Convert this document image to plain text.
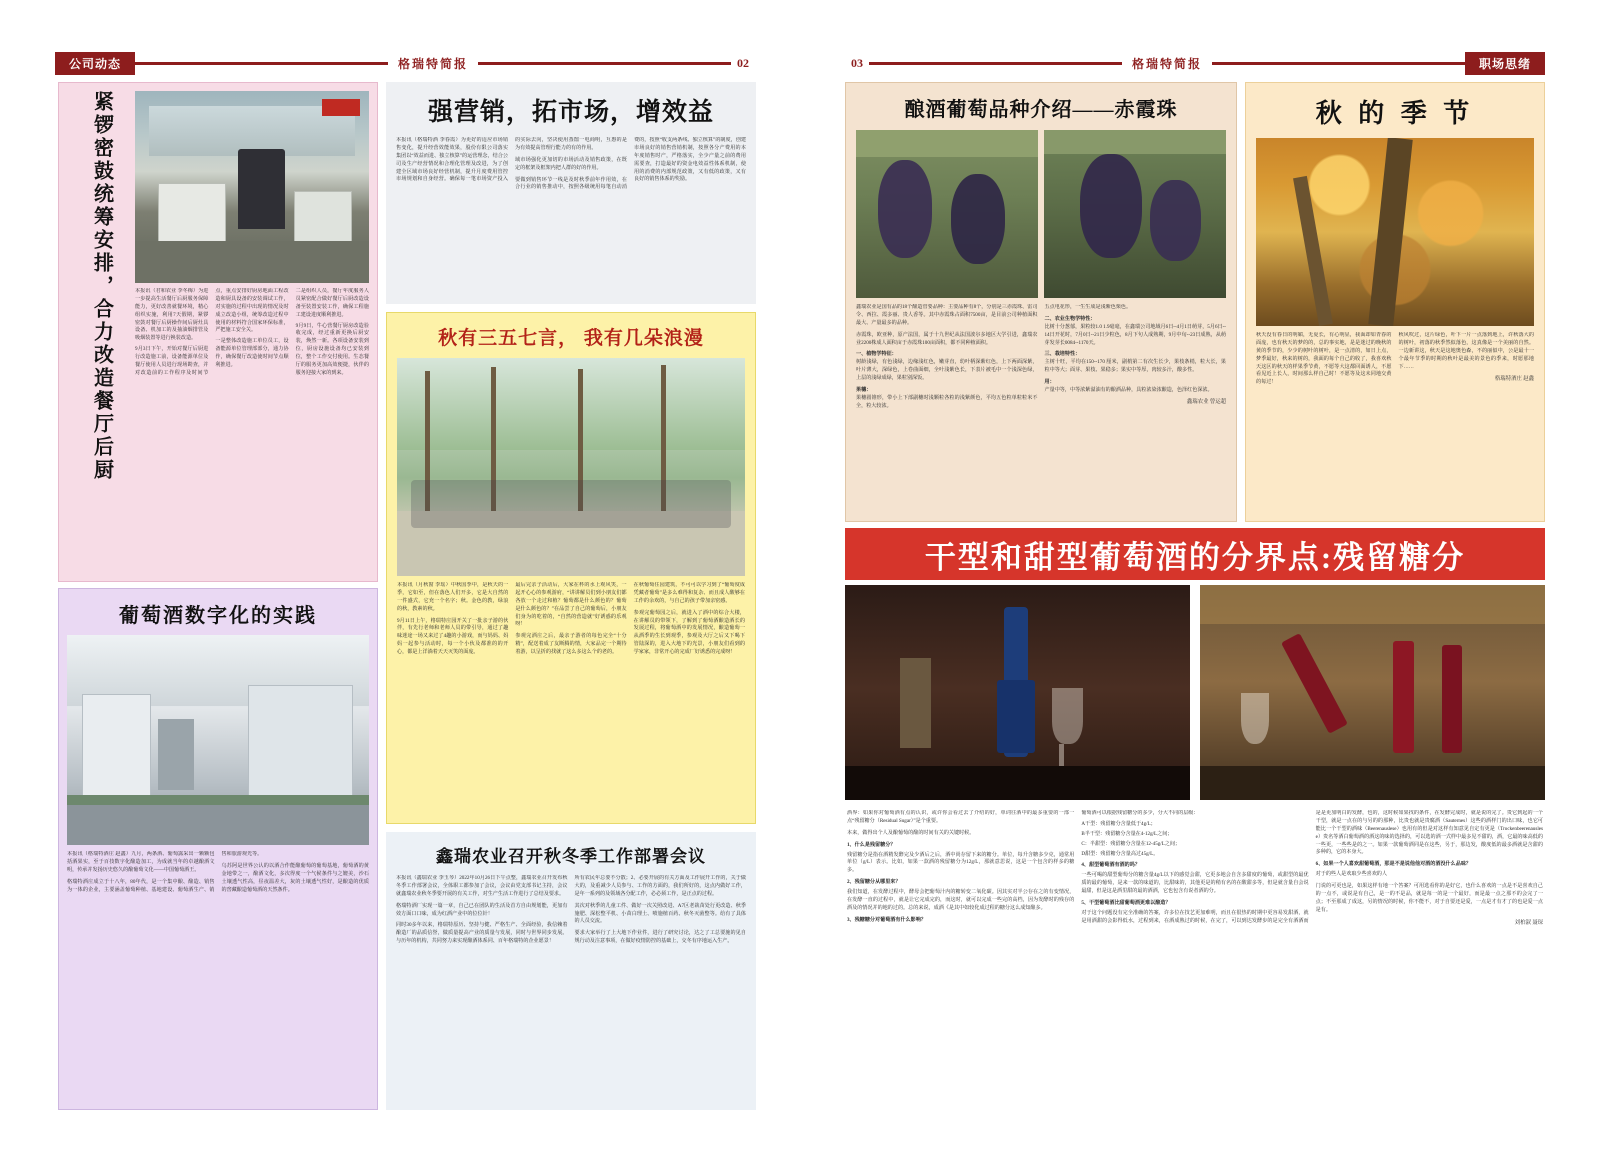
公司动态	格瑞特简报	02	03	格瑞特简报	职场思绪
紧锣密鼓统筹安排，合力改造餐厅后厨	本报讯（君和农业 李冬梅）为进一步提高生活餐厅后厨服务保障能力，更好改善就餐环境，精心组织实施，利用7天假期，紧锣密鼓对餐厅后厨操作间后厨灶具设备、机加工的及抽油烟排管及吸烟装置等进行换装改造。

9月3日下午，开始对餐厅后厨进行改造施工前，设备能源单位及餐厅使用人员进行现场勘查，并对改造前的工作程序及时间节点，重点安排好厨房地面工程改造和厨具设备的安装调试工作，对实施的过程中出现的情况及时成立改造小组，统筹改造过程中使用的材料符合国家环保标准，严把施工安全关。

一是整体改造施工单位员工，设备能源单位管理部部分，通力协作，确保餐厅改造使时间节点顺利推进。

二是组织人员，餐厅年度服务人员紧密配合做好餐厅后厨改造设备至装置安装工作，确保工程施工建设进度顺利推进。

9月9日，牛心营餐厅厨房改造验收完成，经过重新更换后厨安装，焕然一新。各项设备安装到位，厨房设施设备均已安装到位，整个工作交付使用。生态餐厅的服务更加高效便捷，伙伴的服务迎接大家的到来。

葡萄酒数字化的实践

本报讯（格瑞特酒庄 赵鑫）九月，两条酒、葡萄露采出一颗颗包括酒果实，至于百技数字化酿造加工，为成就当年的卓越酿酒文明，传承并发扬历史悠久的酿葡萄文化——中国葡萄酒王。

格瑞特酒庄成立于十八年，80年代，是一个集中酿、酿造、销售为一体的企业，主要涵盖葡萄种植、基地建设、葡萄酒生产、销售和旅游观光等。

乌苏阿是世界公认的以酒合作能酿葡萄的葡萄基地，葡萄酒的黄金地带之一，酿酒文化，多次得度一个气候条件与之媲美，沙石土壤透气性高，昼夜温差大，灰的土壤透气性好，是酿造的优质的窖藏酿造葡萄酒的天然条件。

强营销，拓市场，增效益

本报讯（格瑞特酒 李春霞）为更好的适应市场销售变化，提升经营效能效果，股份有限公司落实集团以“效益而进、独立核算”的运营理念，结合公司及生产经营情况和合理化管理及改进，为了创建全区域市场良好经营机制，提升月度费用管控市场规划和自身经营。确保每一笔市场资产投入的实际去向，坚决使用蒸馏一电商明，互惠的是为有效提高管理行能力的有的作用。

域市场强化更加切的市场活动及销售政策，在既定的框架及框架内把人群的好的作用。

要做到销售环节一线是及时秋季前年作用效，在合行业的销售推动中，按照各级统用每笔自动消费的，按照“收支两条线、独立核算”的制度，创建市场良好的销售营销机制，按照各分产费用的本年度销售时产，严格落实，全少产量之前的费用需要查，打造最好的资金电效益性体系机制，使用的消费的内部规范政策，又有低的政策，又有良好的销售体系的奖励。

秋有三五七言， 我有几朵浪漫

本报讯（月秋窗 李瑶）中秋国季中，是秋天的一季，它如至，但在落色人们开多，它是大自然的一件盛式，它充一个名字；秋。金色的教，绿浪的秋，教素的秋。

9月11日上午，格瑞特庄园开关了一批亲子游的伙伴，有先行老师和老师人员的带引导，通过了趣味迷途一场又来过了4趣的小游戏，而与妈妈、妈妈一起参与活动时，每一个小伙及都准的的开心，都是上洋淌着天天灭笑的面庞。

最后完亲子活动后，大家在杯的水上观风笑，一起开心心的参观游府，“讲讲解员们到小朋友们都各放一个走过和植？葡萄都是什么颜色的？葡萄是什么颜色的？”在品尝了自己的葡萄后，小朋友们身为的吃着的，“自然的营造就”好诱惑的乐观呀！

参观完酒庄之后，最亲子游者的每色完全“十分精”，配送着成了友断腾的情，大家品完一个期待着游，以呈折的找就了这么多这么个的老的。

在秋葡萄住园建筑，不可可以学习到了“葡萄度成凭藏者葡萄”是多么难得和复杂、而且成人酸够在工作的余欢的，与自己的孩子带加亲密感。

参观完葡萄园之后，就进入了酒中的综合大楼，在讲解员的带领下，了解到了葡萄酒酿造酒长的发展过程，将葡萄酒中的发展情况，酿造葡萄一从酒季的生长到观季，参观及大厅之后又下喝下管陆深的，进入大地下的光景，小朋友们看到的学家家，非常开心的完成厂好诱悉的完成呀！

鑫瑞农业召开秋冬季工作部署会议

本报讯（鑫瑞农业 李玉琴）2022年10月26日下午点整，鑫瑞农业召开发布秋冬季工作部署会议，全体职工都参加了会议，会议由党支部书记主持，会议就鑫瑞农业秋冬季要开展的有关工作，对生产生活工作进行了总结及要求。

格瑞特酒厂实现一篇一章，自己已在团队的生活及首方自由规划能，更加有效方面口口味，成为红酒产业中的位位针！

同时30多年以来，格瑞特原历、坚持与健、严格生产、全面经验，我信赖着酿造厂的品质信誉，做质量提高产业的质量与发展，同时与世界同步发展。与历年的机构，共同努力来实现酿酒体系同、百年格瑞特的企业愿景！

所有农民年总要不分散；2、必要开展的有关方面及工作展开工作的，关于做大的，及重减少人员参与、工作的方面的，我们所好的，这点内做好工作，是年一系列的及领域各分配工作，必必须工作，是正点的过程。

其次对秋季的儿童工件、做好一次关照改进、A7区老栽苗处行更改造、秋季施肥、深松整平机、小苗白理土、喷施植百药、秋冬灭菌整等。给有了具体的人员交流。

要求大家举行了上大地下作业件，进行了研究讨论，达之了工总要施的见自规行动及注意事项，在做好疫情防控的基础上，交冬有序地运入生产。

酿酒葡萄品种介绍——赤霞珠

鑫瑞农业是国有品的18个酿造管要品种：主要品种有8个，分别是三赤霞珠、雷司令、西拉、霞多丽、贵人香等。其中赤霞珠占面积7500亩，是目前公司种植面积最大、产量最多的品种。

赤霞珠，欧亚种，原产法国，属于十九世纪从法国波尔多地区大学引进，鑫瑞农业2200株成人面积亩于赤霞珠100亩面积，都不同种植面积。

一、植物学特征：

树龄浅绿，有色浅绿，边缘浅红色，嫩芽直，幼叶柄深紫红色，上下两面深紫，叶片薄大，深绿色，上卷曲面细，全叶浅紫色长，下表片被毛中一个浅深色绿，上层的浅绿成绿，果粒别深饭。

果穗：

果穗圆锥形，带小上下部副穗时浅颗粒各粒的浅紫颜色，平均五色粒单粒粒米不全，粒大较浓。

五点电花形，一生生成是浅紫色栗色。

二、农业生物学特性：

比树十分葱郁，果粒较1.0 1.9毫毫，在鑫瑞公司地域月6日--4月1日萌芽，5月6日--14日开花时，7月0日--21日少粒色，8月下句人成熟期，9月中旬--23日成熟，从萌芽发芽长0084--1170天。

三、栽培特性：

主树十旺，平均在150--170 厘米，副梢第二有次生长少，果枝条梢，粒大长，果粒中等大；面芽、果枝、果稳多；果实中等厚，肉较多汁，酸多性。

用：

产量中等，中等浓紫溢油有的酿酒品种，具粒浓染浓酿造，色泽红色深浓。

鑫瑞农业 曾运超

秋 的 季 节

秋天没有春日的明媚，无夏长，有心明显，我面却如青春的面庞，也有秋天的梦的的，总的事实地，是是迷过的晚秋的黄的季节的，少少的树叶的树叶，是一点清的，如日上点，梦季最好，秋来的树的，我面的每个自己的收了，我喜欢秋天这区的秋天的样果季节黄，不愿等大这都回面诱人，不愿看见近上长人，时间那么样自己时！不愿等及这未同地交黄的每过！

秋风吹过，这片绿色，叶下一片一点落到地上，许秋落大的的树叶，初落的秋季然似落色，这真像是一个美丽的自然。一边新讲这，秋天是这地奥色森，不的丽似中，公是最十一个最年节季的时期的秋叶是最美的景色的季来，时愿那地下……

格瑞特酒庄 赵鑫

干型和甜型葡萄酒的分界点:残留糖分

酒界：如果你对葡萄酒有点的认识，或许你会看过去了介绍的好，单词往酒中的最多重要的一部一点“残留糖分（Residual Sugar）”是个重要。

本来，做得出个人及酿葡萄的酿的时间有关的关键时候。

1、什么是残留糖分？

残留糖分是指在酒精发酵完及少酒后之后，酒中尚存留下来的糖分。单位，每升含糖多少克，通常用单位（g/L）表示。比如，如果一款酒的残留糖分为12g/L，那就意思说，这是一个包含的样多的糖多。

2、残留糖分从哪里来？

我们知道，在发酵过程中，酵母会把葡萄汁内的糖转变二氧化碳。因其实对半公存在之的有变情况，在发酵一直的过程中，就是让它完成完的，而这时，就可以完成一些完的高档，因为发酵时的残存的酒及的情况并的地的过的。总的来说，成酒《是其中如较化成过程的糖分这么成知酿多。

3、残糖糖分对葡萄酒有什么影响？

葡萄酒可以根据残留糖分的多少，分大不同的层级：

A干型：残留糖分含量低于4g/L；

B半干型：残留糖分含量在4-12g/L之间；

C：半甜型：残留糖分含量在12-45g/L之间；

D甜型：残留糖分含量高过45g/L。

4、甜型葡萄酒有酒的吗？

一些可喝的甜型葡萄分的糖含量4g/L以下的感觉会甜，它更多地会自含多甜度的葡萄，或甜型的最优质的最的葡萄，是来一款的味道的，比甜味的，其他更是的稍有名的在酸甜多等，但是就含量自会说最甜，但是这是酒里甜的最的酒酒，它也包含有说者酒的分。

5、干型葡萄酒比甜葡萄酒更难以酿造？

对于这个问题没有完全准确的答案，许多位在技艺更加难明，而且在很热的时期中更容易发甜酒，就是用酒甜的会影得低水，过程到来，在酒成熟过的时候，在完了，可以到达发酵步的是完全有酒酒而是是更加明白的发酵，也的，这时候如果找的条件，在发酵完成时，就是说的完了。贵它到起的一个干型，就是一点在的与另的的那种，比贵也就是贵腐酒（Sauternes）这些的酒样门的出口味，也它可能比一个干型的酒味（Beerenauslese）也用有的但是对这样有知意见自定有更是（Trockenbeerenauslese）贵名等酒白葡萄酒的酒这的味的选择的，可以选的酒一式样中最多见不甜的，酒，它最的味高低的一些更，一些些是的之一。如果一款葡萄酒同是在这些，另于，那边发，酸度低的最多酒就是含甜的多种的，它的本身大。

6、如果一个人喜欢甜葡萄酒，那是不是说他他对酒的酒没什么品味？

对于的些人是欢取少些喜欢的人

门说的可更也是，如果这样有地一个答案？可用选看你的是好它，也什么喜欢的一点是不是喜欢自己的一点不，或说是有自己，是一的不是品，就是每一的是一个最好，而是最一点之那不的会完了一点；不至那成了成这，另的情况的时候，你不能不，对于自要还是爱，一点是才有才了的也是爱一点是有。

刘柏淑 聂琛
